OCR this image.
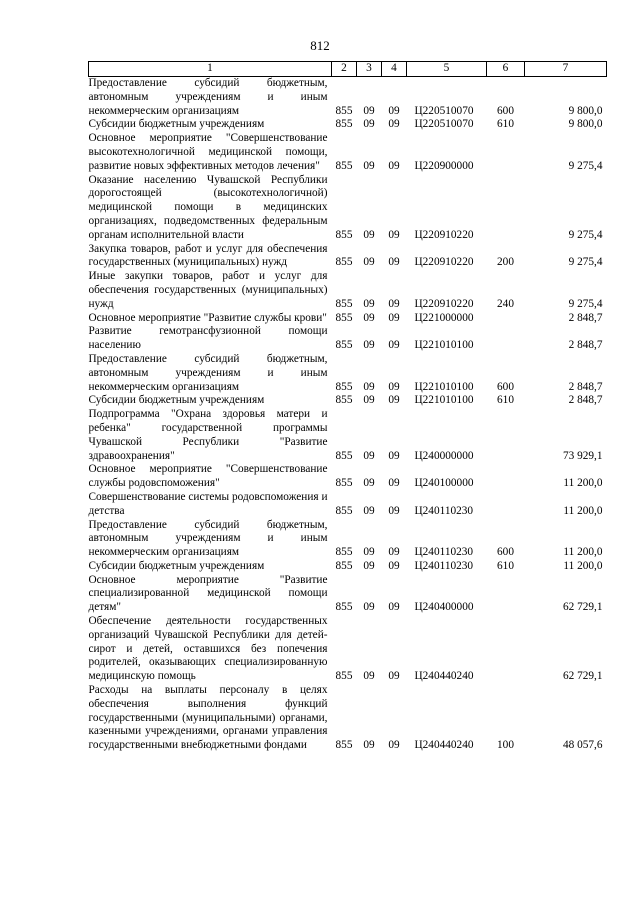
812
1	2	3	4	5	6	7
Предоставление субсидий бюджетным, автономным учреждениям и иным некоммерческим организациям	855	09	09	Ц220510070	600	9 800,0
Субсидии бюджетным учреждениям	855	09	09	Ц220510070	610	9 800,0
Основное мероприятие "Совершенствование высокотехнологичной медицинской помощи, развитие новых эффективных методов лечения"	855	09	09	Ц220900000		9 275,4
Оказание населению Чувашской Республики дорогостоящей (высокотехнологичной) медицинской помощи в медицинских организациях, подведомственных федеральным органам исполнительной власти	855	09	09	Ц220910220		9 275,4
Закупка товаров, работ и услуг для обеспечения государственных (муниципальных) нужд	855	09	09	Ц220910220	200	9 275,4
Иные закупки товаров, работ и услуг для обеспечения государственных (муниципальных) нужд	855	09	09	Ц220910220	240	9 275,4
Основное мероприятие "Развитие службы крови"	855	09	09	Ц221000000		2 848,7
Развитие гемотрансфузионной помощи населению	855	09	09	Ц221010100		2 848,7
Предоставление субсидий бюджетным, автономным учреждениям и иным некоммерческим организациям	855	09	09	Ц221010100	600	2 848,7
Субсидии бюджетным учреждениям	855	09	09	Ц221010100	610	2 848,7
Подпрограмма "Охрана здоровья матери и ребенка" государственной программы Чувашской Республики "Развитие здравоохранения"	855	09	09	Ц240000000		73 929,1
Основное мероприятие "Совершенствование службы родовспоможения"	855	09	09	Ц240100000		11 200,0
Совершенствование системы родовспоможения и детства	855	09	09	Ц240110230		11 200,0
Предоставление субсидий бюджетным, автономным учреждениям и иным некоммерческим организациям	855	09	09	Ц240110230	600	11 200,0
Субсидии бюджетным учреждениям	855	09	09	Ц240110230	610	11 200,0
Основное мероприятие "Развитие специализированной медицинской помощи детям"	855	09	09	Ц240400000		62 729,1
Обеспечение деятельности государственных организаций Чувашской Республики для детей-сирот и детей, оставшихся без попечения родителей, оказывающих специализированную медицинскую помощь	855	09	09	Ц240440240		62 729,1
Расходы на выплаты персоналу в целях обеспечения выполнения функций государственными (муниципальными) органами, казенными учреждениями, органами управления государственными внебюджетными фондами	855	09	09	Ц240440240	100	48 057,6
